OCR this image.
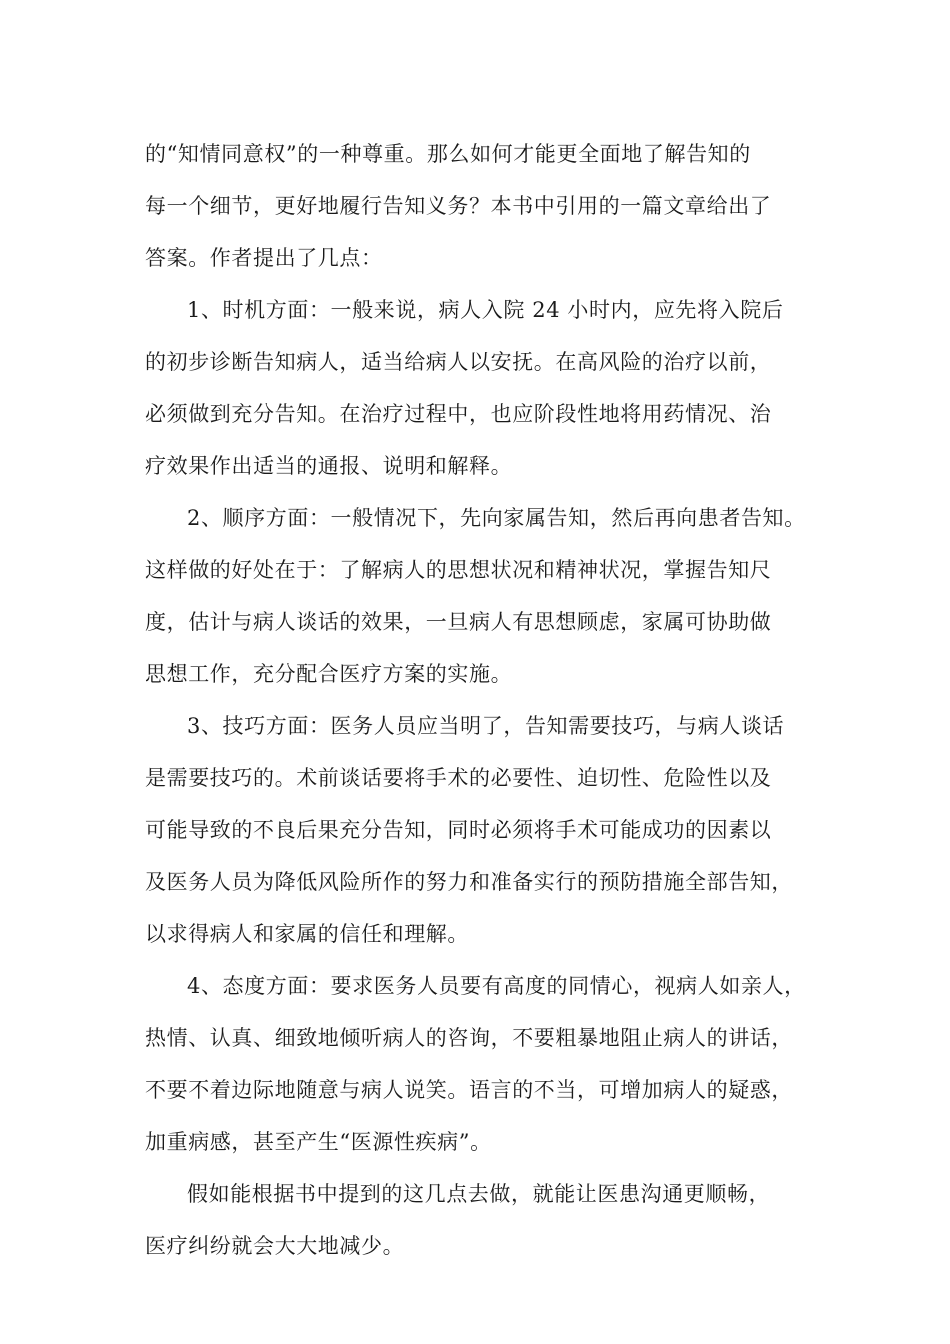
的“知情同意权”的一种尊重。那么如何才能更全面地了解告知的
每一个细节，更好地履行告知义务？本书中引用的一篇文章给出了
答案。作者提出了几点：
1、时机方面：一般来说，病人入院 24 小时内，应先将入院后
的初步诊断告知病人，适当给病人以安抚。在高风险的治疗以前，
必须做到充分告知。在治疗过程中，也应阶段性地将用药情况、治
疗效果作出适当的通报、说明和解释。
2、顺序方面：一般情况下，先向家属告知，然后再向患者告知。
这样做的好处在于：了解病人的思想状况和精神状况，掌握告知尺
度，估计与病人谈话的效果，一旦病人有思想顾虑，家属可协助做
思想工作，充分配合医疗方案的实施。
3、技巧方面：医务人员应当明了，告知需要技巧，与病人谈话
是需要技巧的。术前谈话要将手术的必要性、迫切性、危险性以及
可能导致的不良后果充分告知，同时必须将手术可能成功的因素以
及医务人员为降低风险所作的努力和准备实行的预防措施全部告知，
以求得病人和家属的信任和理解。
4、态度方面：要求医务人员要有高度的同情心，视病人如亲人，
热情、认真、细致地倾听病人的咨询，不要粗暴地阻止病人的讲话，
不要不着边际地随意与病人说笑。语言的不当，可增加病人的疑惑，
加重病感，甚至产生“医源性疾病”。
假如能根据书中提到的这几点去做，就能让医患沟通更顺畅，
医疗纠纷就会大大地减少。
